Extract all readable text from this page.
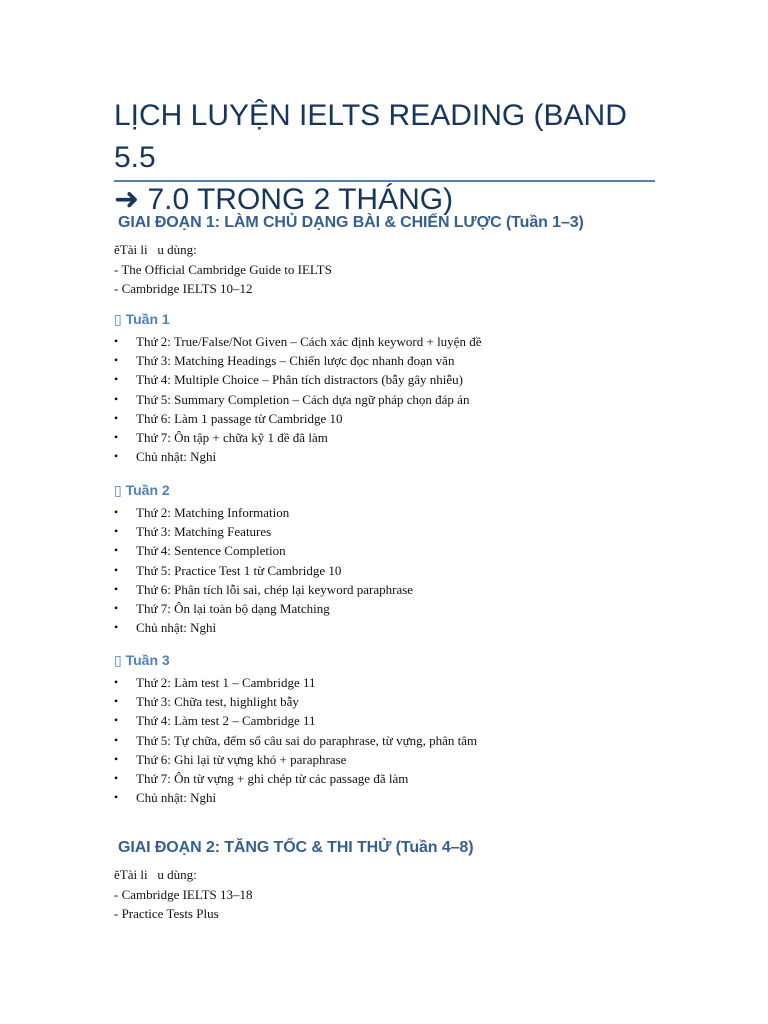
LỊCH LUYỆN IELTS READING (BAND 5.5
➜ 7.0 TRONG 2 THÁNG)
GIAI ĐOẠN 1: LÀM CHỦ DẠNG BÀI & CHIẾN LƯỢC (Tuần 1–3)

ĕTài li   u dùng:

- The Official Cambridge Guide to IELTS

- Cambridge IELTS 10–12

▯ Tuần 1
• Thứ 2: True/False/Not Given – Cách xác định keyword + luyện đề
• Thứ 3: Matching Headings – Chiến lược đọc nhanh đoạn văn
• Thứ 4: Multiple Choice – Phân tích distractors (bẫy gây nhiễu)
• Thứ 5: Summary Completion – Cách dựa ngữ pháp chọn đáp án
• Thứ 6: Làm 1 passage từ Cambridge 10
• Thứ 7: Ôn tập + chữa kỹ 1 đề đã làm
• Chủ nhật: Nghỉ
▯ Tuần 2
• Thứ 2: Matching Information
• Thứ 3: Matching Features
• Thứ 4: Sentence Completion
• Thứ 5: Practice Test 1 từ Cambridge 10
• Thứ 6: Phân tích lỗi sai, chép lại keyword paraphrase
• Thứ 7: Ôn lại toàn bộ dạng Matching
• Chủ nhật: Nghỉ
▯ Tuần 3
• Thứ 2: Làm test 1 – Cambridge 11
• Thứ 3: Chữa test, highlight bẫy
• Thứ 4: Làm test 2 – Cambridge 11
• Thứ 5: Tự chữa, đếm số câu sai do paraphrase, từ vựng, phân tâm
• Thứ 6: Ghi lại từ vựng khó + paraphrase
• Thứ 7: Ôn từ vựng + ghi chép từ các passage đã làm
• Chủ nhật: Nghỉ
GIAI ĐOẠN 2: TĂNG TỐC & THI THỬ (Tuần 4–8)

ĕTài li   u dùng:

- Cambridge IELTS 13–18

- Practice Tests Plus
